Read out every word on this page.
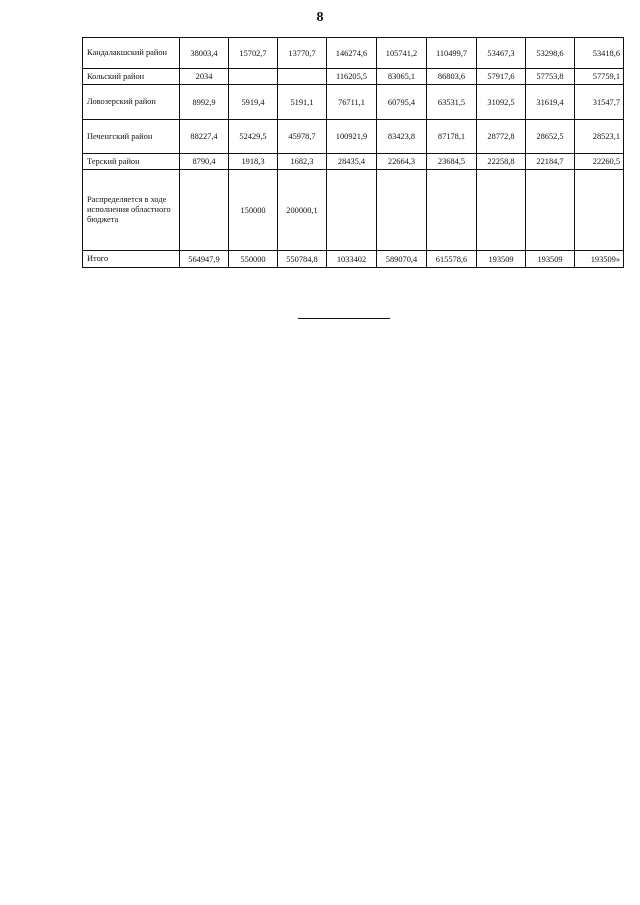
8
Кандалакшский район	38003,4	15702,7	13770,7	146274,6	105741,2	110499,7	53467,3	53298,6	53418,6
Кольский район	2034			116205,5	83065,1	86803,6	57917,6	57753,8	57759,1
Ловозерский район	8992,9	5919,4	5191,1	76711,1	60795,4	63531,5	31092,5	31619,4	31547,7
Печенгский район	88227,4	52429,5	45978,7	100921,9	83423,8	87178,1	28772,8	28652,5	28523,1
Терский район	8790,4	1918,3	1682,3	28435,4	22664,3	23684,5	22258,8	22184,7	22260,5
Распределяется в ходе исполнения областного бюджета		150000	200000,1						
Итого	564947,9	550000	550784,8	1033402	589070,4	615578,6	193509	193509	193509»
